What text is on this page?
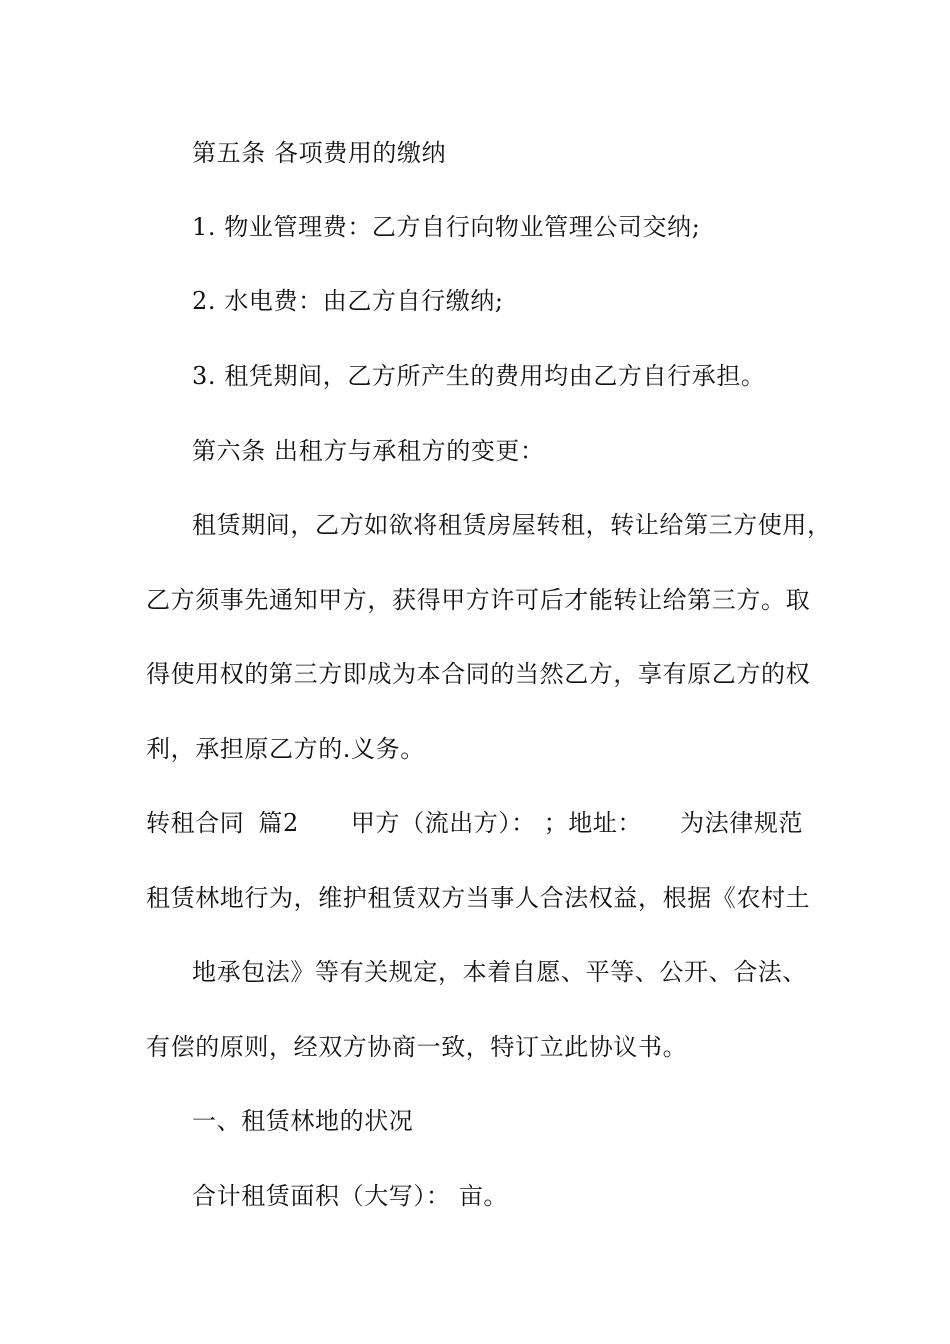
第五条 各项费用的缴纳
1. 物业管理费：乙方自行向物业管理公司交纳;
2. 水电费：由乙方自行缴纳;
3. 租凭期间，乙方所产生的费用均由乙方自行承担。
第六条 出租方与承租方的变更：
租赁期间，乙方如欲将租赁房屋转租，转让给第三方使用，
乙方须事先通知甲方，获得甲方许可后才能转让给第三方。取
得使用权的第三方即成为本合同的当然乙方，享有原乙方的权
利，承担原乙方的.义务。
转租合同 篇2 甲方（流出方）： ；地址： 为法律规范
租赁林地行为，维护租赁双方当事人合法权益，根据《农村土
地承包法》等有关规定，本着自愿、平等、公开、合法、
有偿的原则，经双方协商一致，特订立此协议书。
一、租赁林地的状况
合计租赁面积（大写）： 亩。
